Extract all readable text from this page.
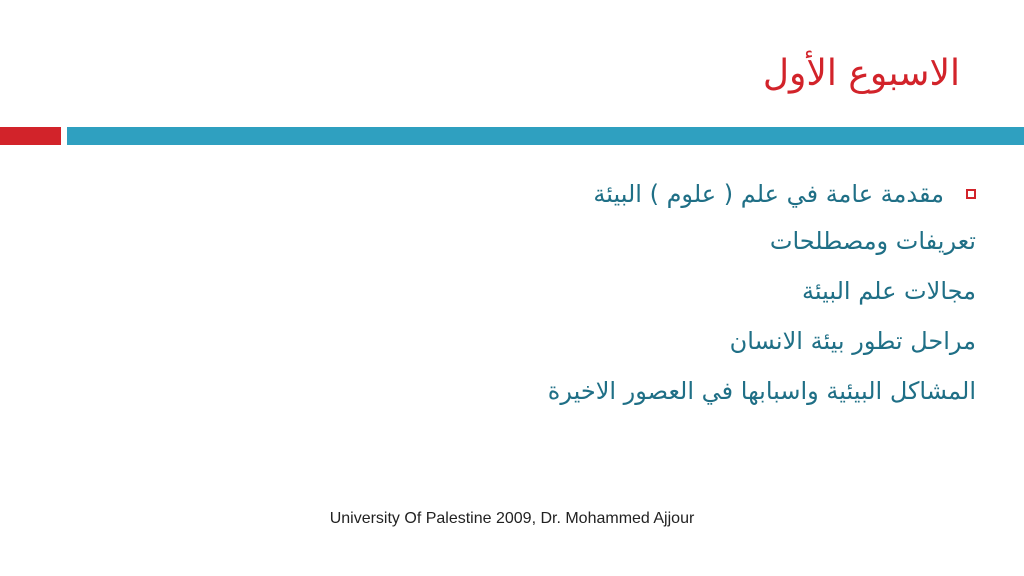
الاسبوع الأول
مقدمة عامة في علم ( علوم ) البيئة
تعريفات ومصطلحات
مجالات علم البيئة
مراحل تطور بيئة الانسان
المشاكل البيئية واسبابها في العصور الاخيرة
University Of Palestine 2009, Dr. Mohammed Ajjour
